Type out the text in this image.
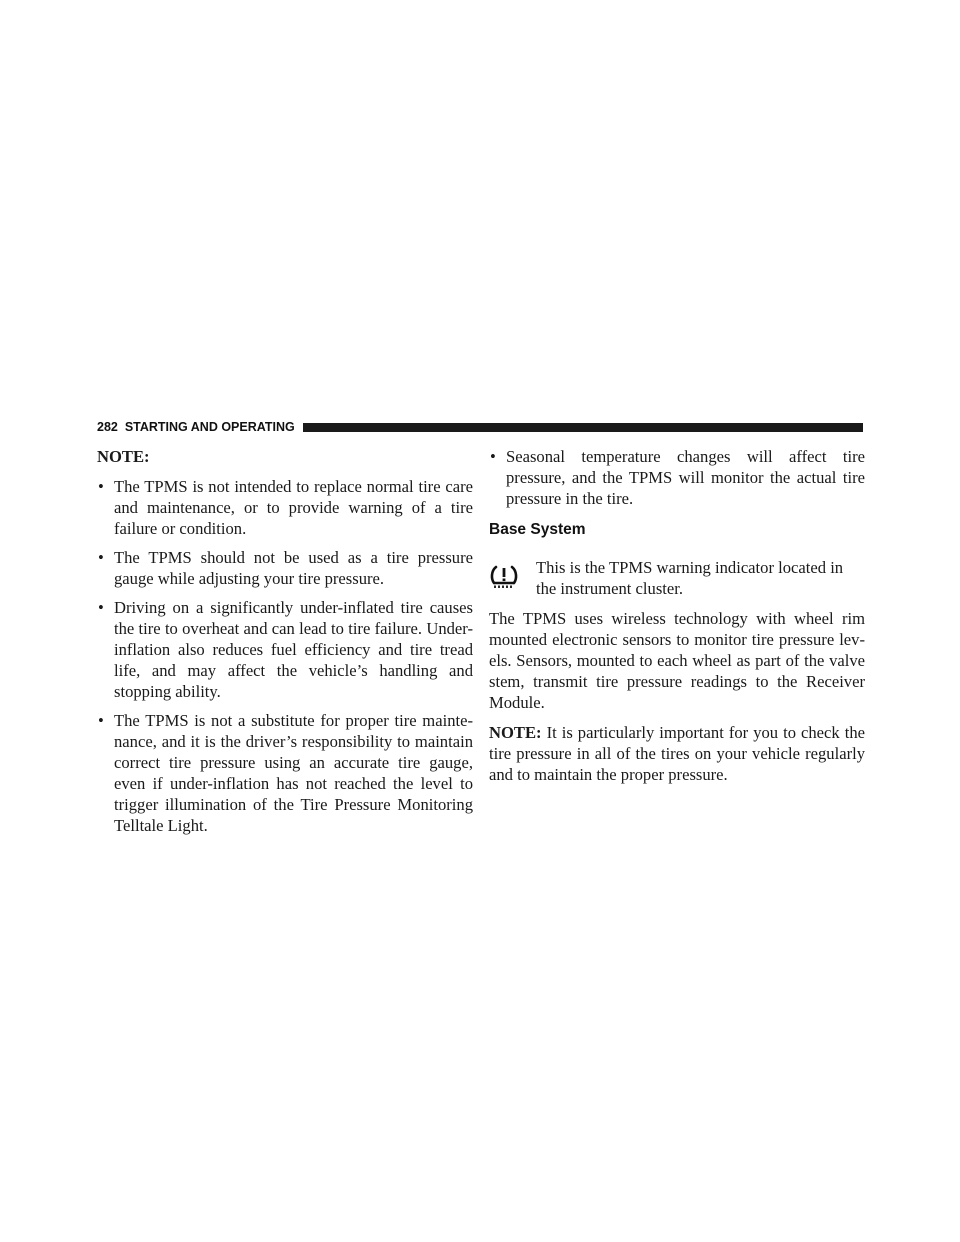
282 STARTING AND OPERATING
NOTE:
• The TPMS is not intended to replace normal tire care and maintenance, or to provide warning of a tire failure or condition.
• The TPMS should not be used as a tire pressure gauge while adjusting your tire pressure.
• Driving on a significantly under-inflated tire causes the tire to overheat and can lead to tire failure. Under-inflation also reduces fuel efficiency and tire tread life, and may affect the vehicle’s handling and stopping ability.
• The TPMS is not a substitute for proper tire mainte-nance, and it is the driver’s responsibility to maintain correct tire pressure using an accurate tire gauge, even if under-inflation has not reached the level to trigger illumination of the Tire Pressure Monitoring Telltale Light.
• Seasonal temperature changes will affect tire pressure, and the TPMS will monitor the actual tire pressure in the tire.
Base System
This is the TPMS warning indicator located in the instrument cluster.

The TPMS uses wireless technology with wheel rim mounted electronic sensors to monitor tire pressure lev-els. Sensors, mounted to each wheel as part of the valve stem, transmit tire pressure readings to the Receiver Module.

NOTE: It is particularly important for you to check the tire pressure in all of the tires on your vehicle regularly and to maintain the proper pressure.
